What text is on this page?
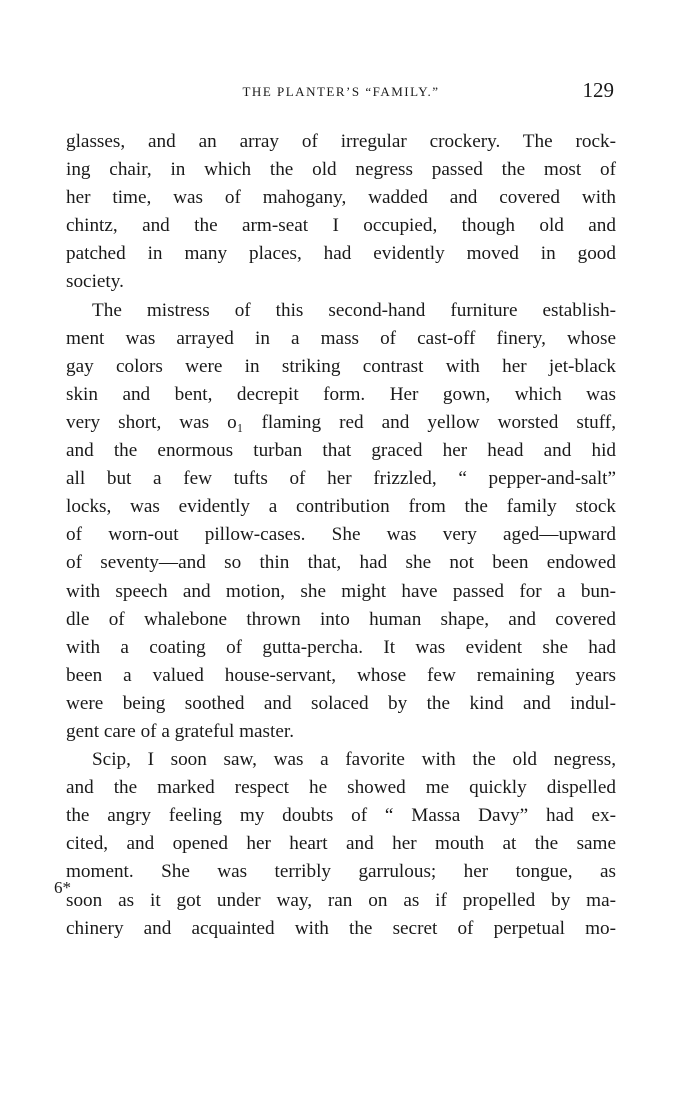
THE PLANTER’S “FAMILY.”	129
glasses, and an array of irregular crockery. The rock-
ing chair, in which the old negress passed the most of
her time, was of mahogany, wadded and covered with
chintz, and the arm-seat I occupied, though old and
patched in many places, had evidently moved in good
society.
The mistress of this second-hand furniture establish-
ment was arrayed in a mass of cast-off finery, whose
gay colors were in striking contrast with her jet-black
skin and bent, decrepit form. Her gown, which was
very short, was o₁ flaming red and yellow worsted stuff,
and the enormous turban that graced her head and hid
all but a few tufts of her frizzled, “ pepper-and-salt”
locks, was evidently a contribution from the family stock
of worn-out pillow-cases. She was very aged—upward
of seventy—and so thin that, had she not been endowed
with speech and motion, she might have passed for a bun-
dle of whalebone thrown into human shape, and covered
with a coating of gutta-percha. It was evident she had
been a valued house-servant, whose few remaining years
were being soothed and solaced by the kind and indul-
gent care of a grateful master.
Scip, I soon saw, was a favorite with the old negress,
and the marked respect he showed me quickly dispelled
the angry feeling my doubts of “ Massa Davy” had ex-
cited, and opened her heart and her mouth at the same
moment. She was terribly garrulous; her tongue, as
soon as it got under way, ran on as if propelled by ma-
chinery and acquainted with the secret of perpetual mo-
6*
